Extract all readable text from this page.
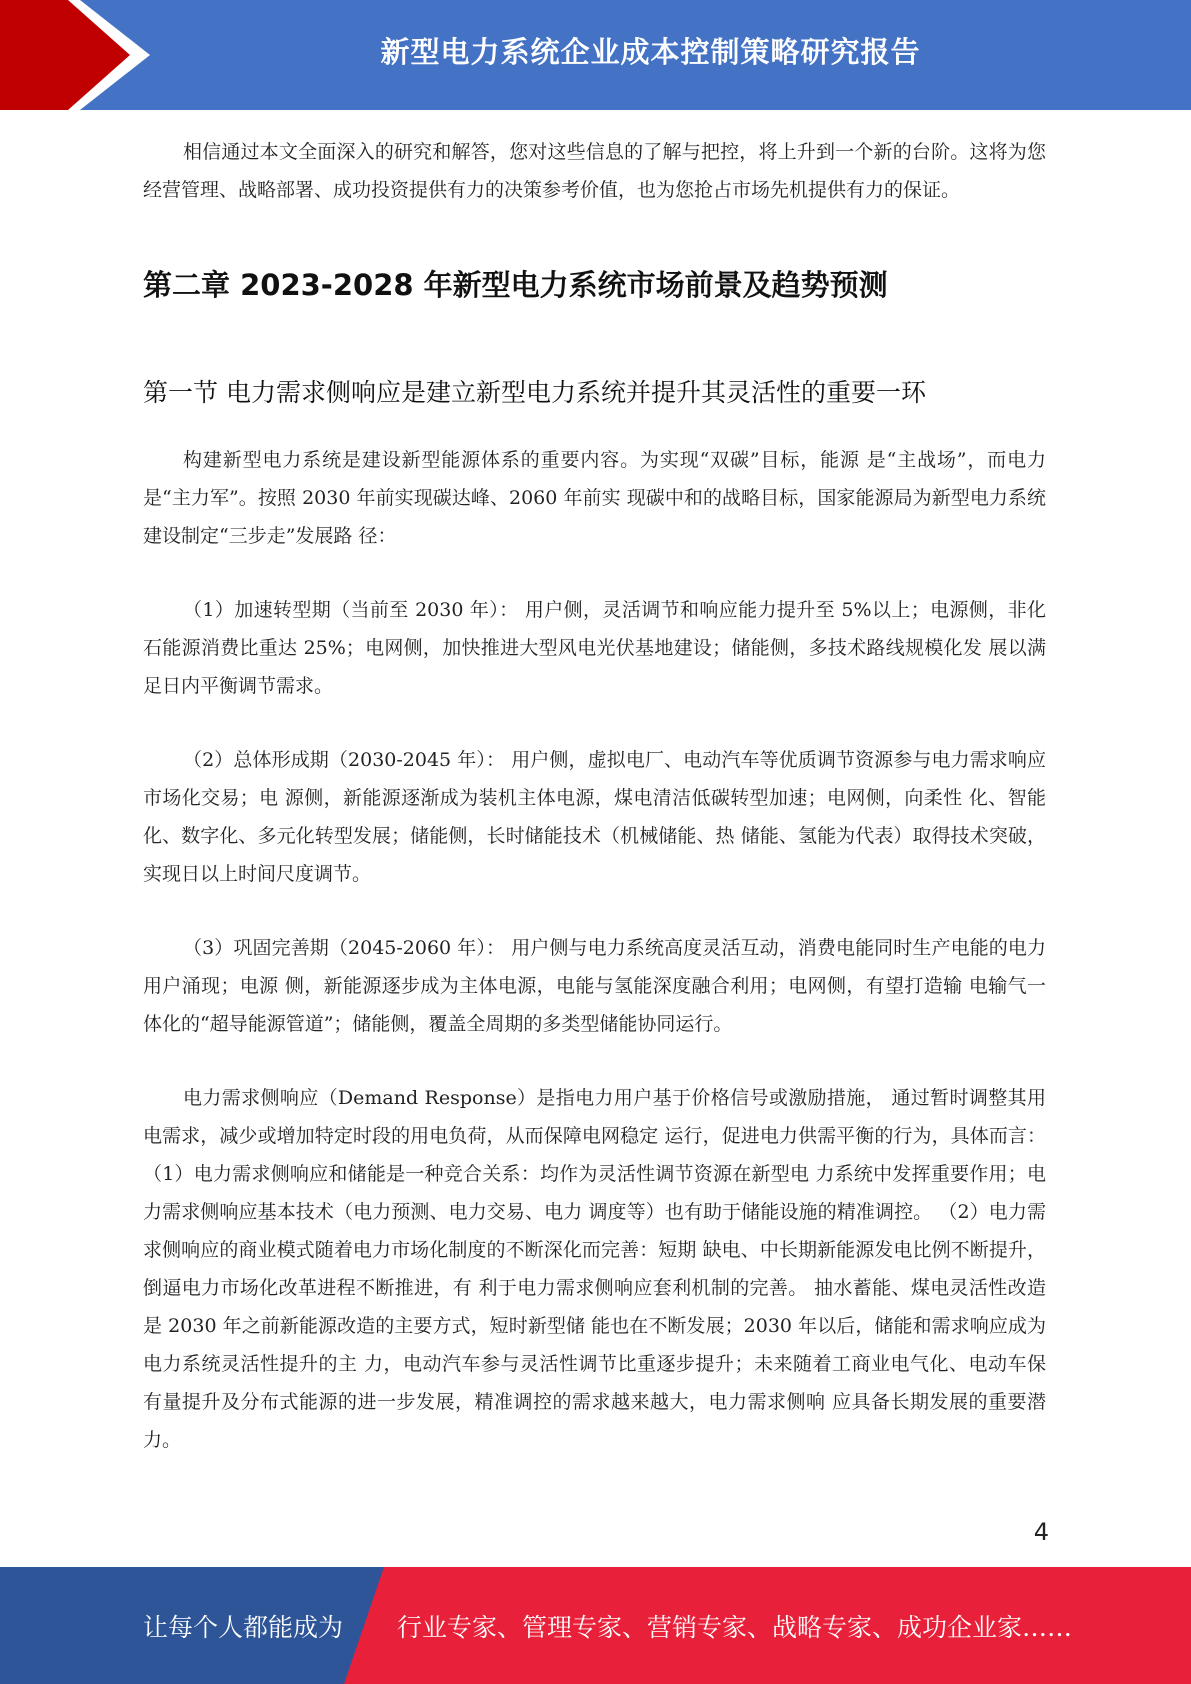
新型电力系统企业成本控制策略研究报告

相信通过本文全面深入的研究和解答，您对这些信息的了解与把控，将上升到一个新的台阶。这将为您经营管理、战略部署、成功投资提供有力的决策参考价值，也为您抢占市场先机提供有力的保证。

第二章 2023-2028 年新型电力系统市场前景及趋势预测
第一节 电力需求侧响应是建立新型电力系统并提升其灵活性的重要一环

构建新型电力系统是建设新型能源体系的重要内容。为实现“双碳”目标，能源 是“主战场”，而电力是“主力军”。按照 2030 年前实现碳达峰、2060 年前实 现碳中和的战略目标，国家能源局为新型电力系统建设制定“三步走”发展路 径：

（1）加速转型期（当前至 2030 年）： 用户侧，灵活调节和响应能力提升至 5%以上；电源侧，非化石能源消费比重达 25%；电网侧，加快推进大型风电光伏基地建设；储能侧，多技术路线规模化发 展以满足日内平衡调节需求。

（2）总体形成期（2030-2045 年）： 用户侧，虚拟电厂、电动汽车等优质调节资源参与电力需求响应市场化交易；电 源侧，新能源逐渐成为装机主体电源，煤电清洁低碳转型加速；电网侧，向柔性 化、智能化、数字化、多元化转型发展；储能侧，长时储能技术（机械储能、热 储能、氢能为代表）取得技术突破，实现日以上时间尺度调节。

（3）巩固完善期（2045-2060 年）： 用户侧与电力系统高度灵活互动，消费电能同时生产电能的电力用户涌现；电源 侧，新能源逐步成为主体电源，电能与氢能深度融合利用；电网侧，有望打造输 电输气一体化的“超导能源管道”；储能侧，覆盖全周期的多类型储能协同运行。

电力需求侧响应（Demand Response）是指电力用户基于价格信号或激励措施， 通过暂时调整其用电需求，减少或增加特定时段的用电负荷，从而保障电网稳定 运行，促进电力供需平衡的行为，具体而言：（1）电力需求侧响应和储能是一种竞合关系：均作为灵活性调节资源在新型电 力系统中发挥重要作用；电力需求侧响应基本技术（电力预测、电力交易、电力 调度等）也有助于储能设施的精准调控。 （2）电力需求侧响应的商业模式随着电力市场化制度的不断深化而完善：短期 缺电、中长期新能源发电比例不断提升，倒逼电力市场化改革进程不断推进，有 利于电力需求侧响应套利机制的完善。 抽水蓄能、煤电灵活性改造是 2030 年之前新能源改造的主要方式，短时新型储 能也在不断发展；2030 年以后，储能和需求响应成为电力系统灵活性提升的主 力，电动汽车参与灵活性调节比重逐步提升；未来随着工商业电气化、电动车保 有量提升及分布式能源的进一步发展，精准调控的需求越来越大，电力需求侧响 应具备长期发展的重要潜力。

4
让每个人都能成为 行业专家、管理专家、营销专家、战略专家、成功企业家……
